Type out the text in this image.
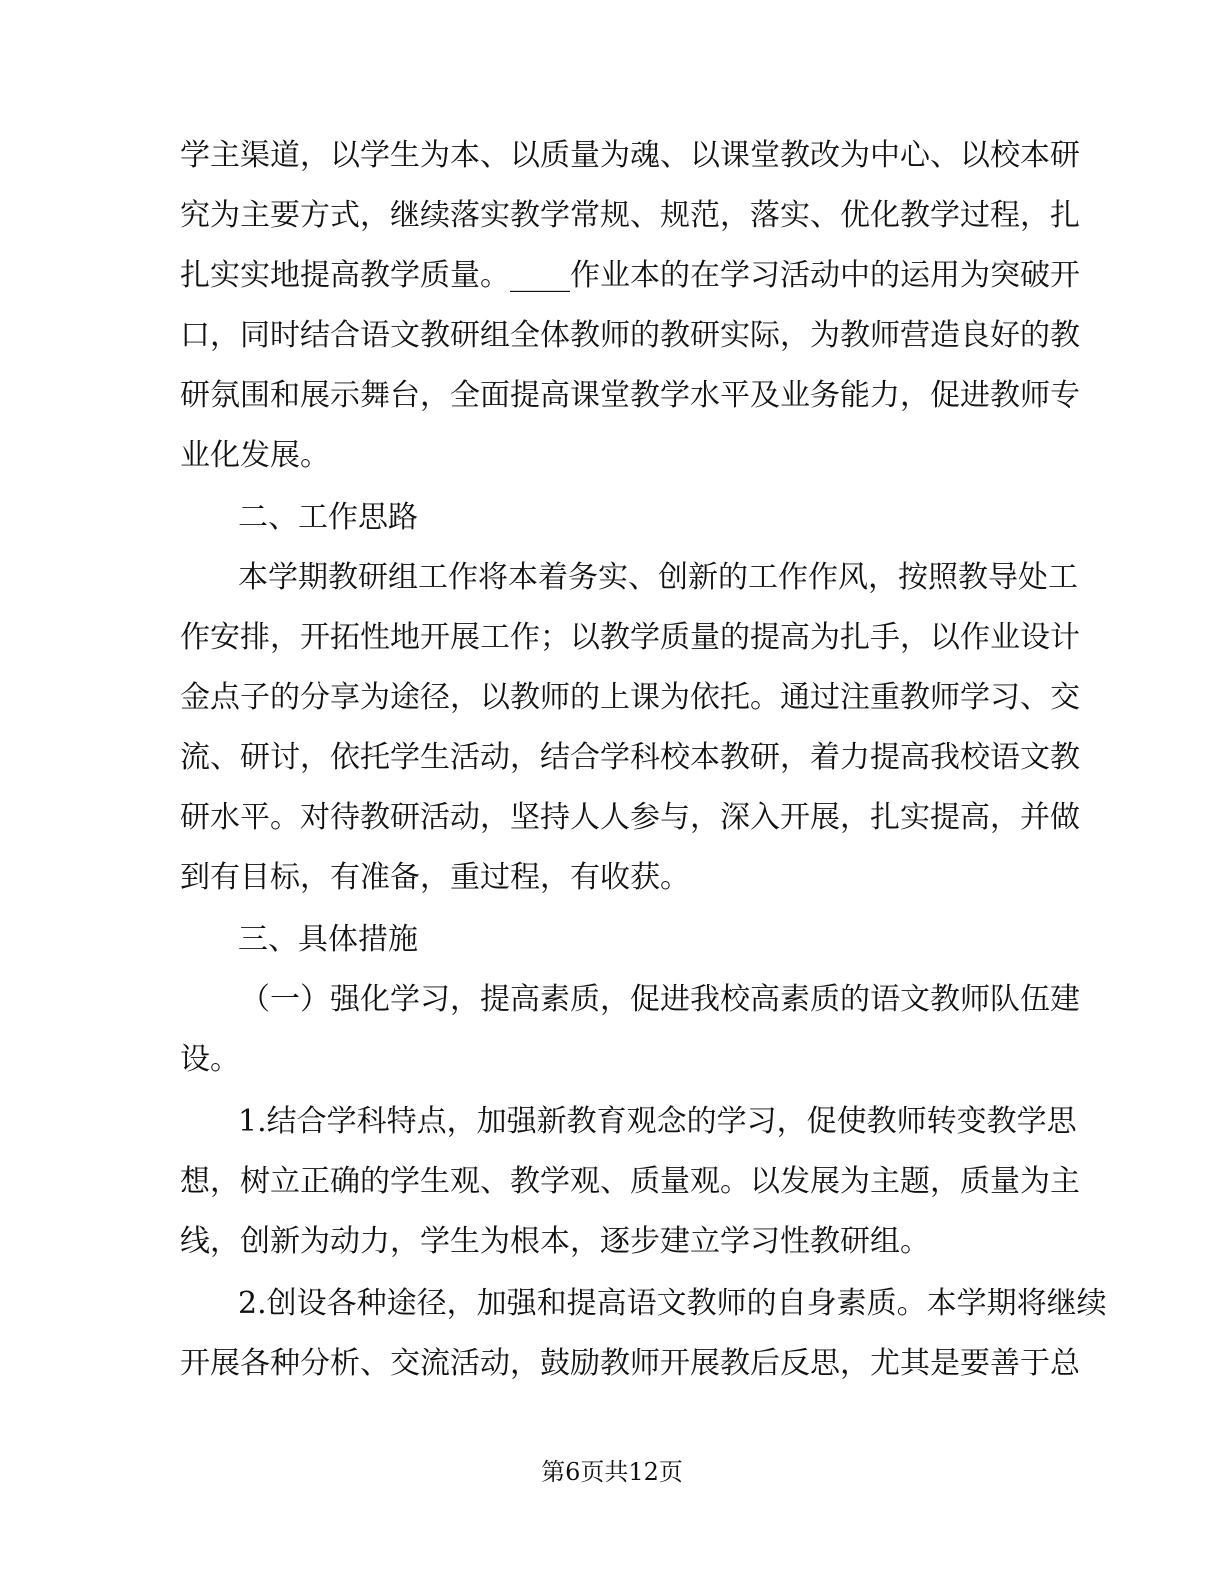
学主渠道，以学生为本、以质量为魂、以课堂教改为中心、以校本研
究为主要方式，继续落实教学常规、规范，落实、优化教学过程，扎
扎实实地提高教学质量。____作业本的在学习活动中的运用为突破开
口，同时结合语文教研组全体教师的教研实际，为教师营造良好的教
研氛围和展示舞台，全面提高课堂教学水平及业务能力，促进教师专
业化发展。
二、工作思路
本学期教研组工作将本着务实、创新的工作作风，按照教导处工
作安排，开拓性地开展工作；以教学质量的提高为扎手，以作业设计
金点子的分享为途径，以教师的上课为依托。通过注重教师学习、交
流、研讨，依托学生活动，结合学科校本教研，着力提高我校语文教
研水平。对待教研活动，坚持人人参与，深入开展，扎实提高，并做
到有目标，有准备，重过程，有收获。
三、具体措施
（一）强化学习，提高素质，促进我校高素质的语文教师队伍建
设。
1.结合学科特点，加强新教育观念的学习，促使教师转变教学思
想，树立正确的学生观、教学观、质量观。以发展为主题，质量为主
线，创新为动力，学生为根本，逐步建立学习性教研组。
2.创设各种途径，加强和提高语文教师的自身素质。本学期将继续
开展各种分析、交流活动，鼓励教师开展教后反思，尤其是要善于总
第6页共12页
